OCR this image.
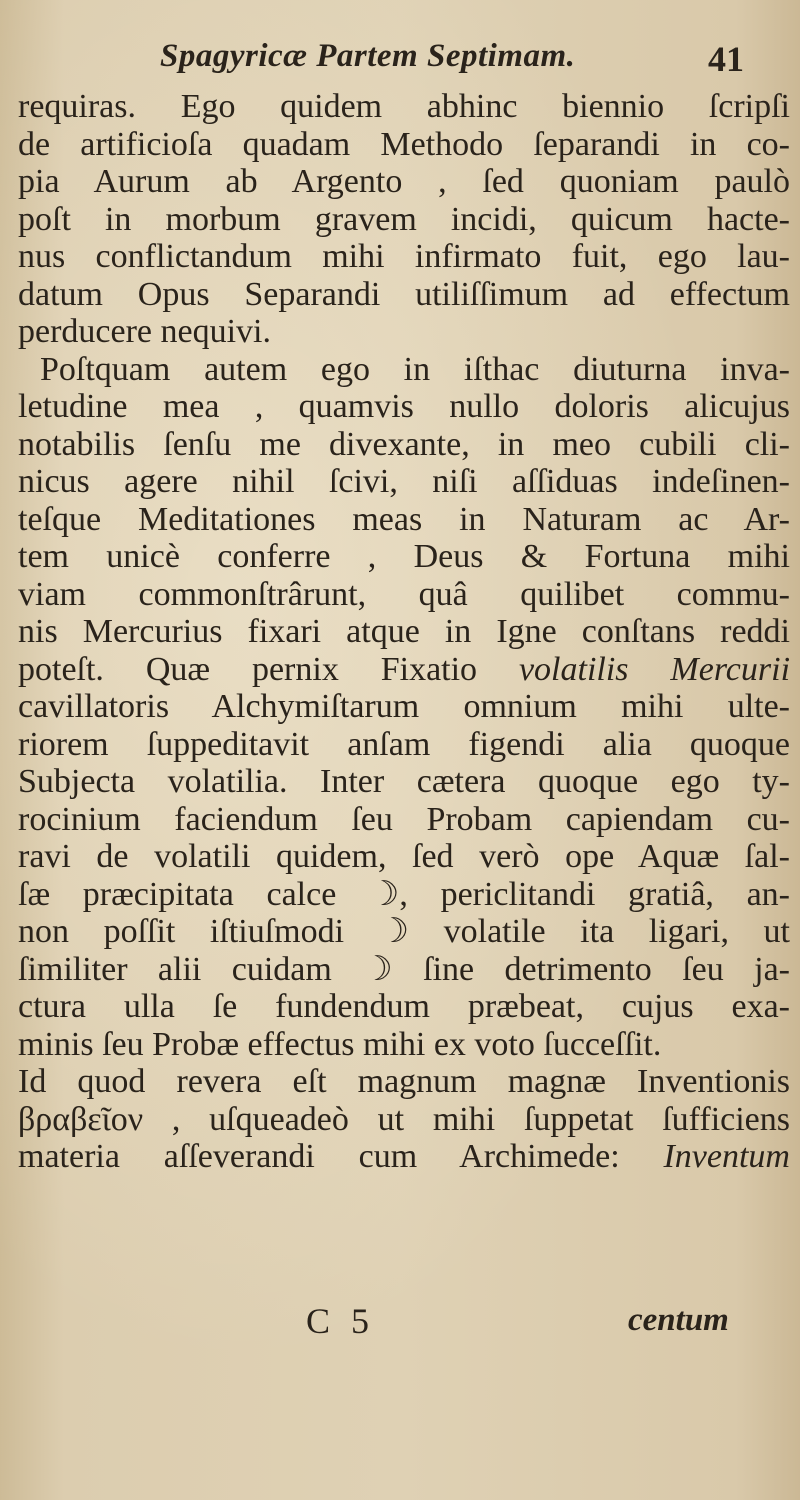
Spagyricæ Partem Septimam.	41
requiras. Ego quidem abhinc biennio ſcripſi
de artificioſa quadam Methodo ſeparandi in co-
pia Aurum ab Argento , ſed quoniam paulò
poſt in morbum gravem incidi, quicum hacte-
nus conflictandum mihi infirmato fuit, ego lau-
datum Opus Separandi utiliſſimum ad effectum
perducere nequivi.
Poſtquam autem ego in iſthac diuturna inva-
letudine mea , quamvis nullo doloris alicujus
notabilis ſenſu me divexante, in meo cubili cli-
nicus agere nihil ſcivi, niſi aſſiduas indeſinen-
teſque Meditationes meas in Naturam ac Ar-
tem unicè conferre , Deus & Fortuna mihi
viam commonſtrârunt, quâ quilibet commu-
nis Mercurius fixari atque in Igne conſtans reddi
poteſt. Quæ pernix Fixatio volatilis Mercurii
cavillatoris Alchymiſtarum omnium mihi ulte-
riorem ſuppeditavit anſam figendi alia quoque
Subjecta volatilia. Inter cætera quoque ego ty-
rocinium faciendum ſeu Probam capiendam cu-
ravi de volatili quidem, ſed verò ope Aquæ ſal-
ſæ præcipitata calce ☽, periclitandi gratiâ, an-
non poſſit iſtiuſmodi ☽ volatile ita ligari, ut
ſimiliter alii cuidam ☽ ſine detrimento ſeu ja-
ctura ulla ſe fundendum præbeat, cujus exa-
minis ſeu Probæ effectus mihi ex voto ſucceſſit.
Id quod revera eſt magnum magnæ Inventionis
βραβεῖον , uſqueadeò ut mihi ſuppetat ſufficiens
materia aſſeverandi cum Archimede: Inventum
C 5	centum
